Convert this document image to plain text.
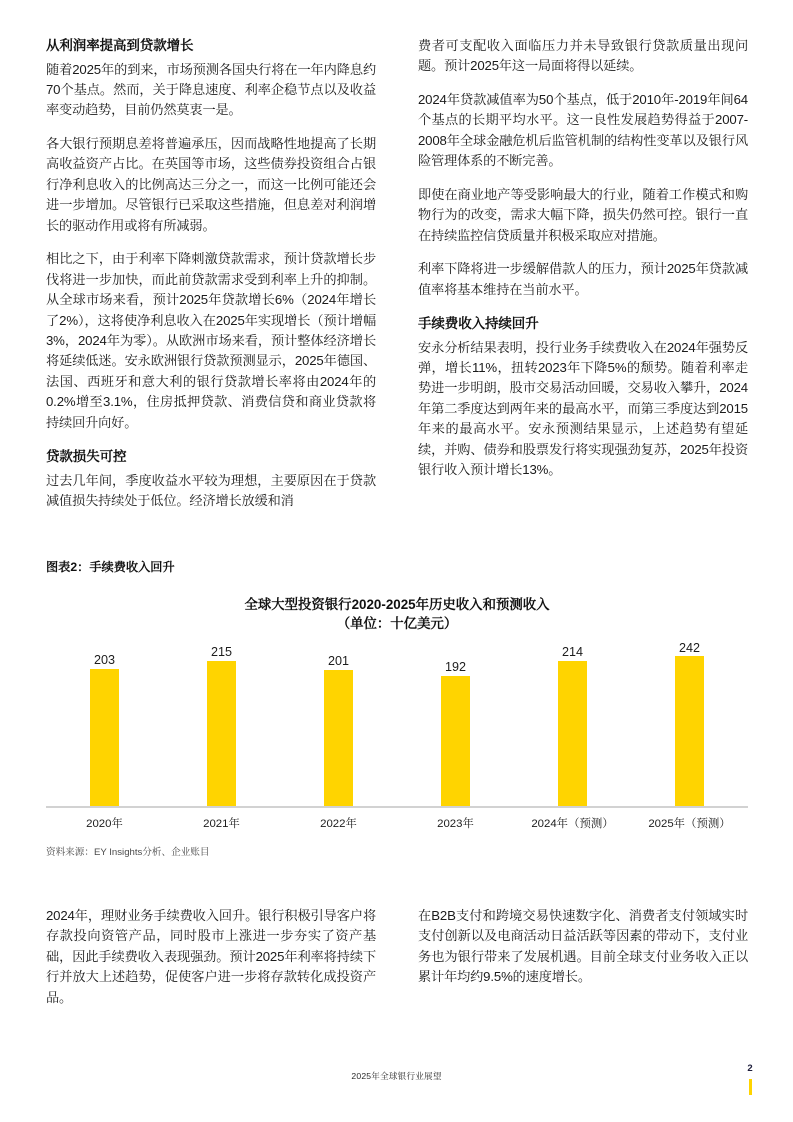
从利润率提高到贷款增长

随着2025年的到来，市场预测各国央行将在一年内降息约70个基点。然而，关于降息速度、利率企稳节点以及收益率变动趋势，目前仍然莫衷一是。

各大银行预期息差将普遍承压，因而战略性地提高了长期高收益资产占比。在英国等市场，这些债券投资组合占银行净利息收入的比例高达三分之一，而这一比例可能还会进一步增加。尽管银行已采取这些措施，但息差对利润增长的驱动作用或将有所减弱。

相比之下，由于利率下降刺激贷款需求，预计贷款增长步伐将进一步加快，而此前贷款需求受到利率上升的抑制。从全球市场来看，预计2025年贷款增长6%（2024年增长了2%），这将使净利息收入在2025年实现增长（预计增幅3%，2024年为零）。从欧洲市场来看，预计整体经济增长将延续低迷。安永欧洲银行贷款预测显示，2025年德国、法国、西班牙和意大利的银行贷款增长率将由2024年的0.2%增至3.1%，住房抵押贷款、消费信贷和商业贷款将持续回升向好。

贷款损失可控

过去几年间，季度收益水平较为理想，主要原因在于贷款减值损失持续处于低位。经济增长放缓和消

费者可支配收入面临压力并未导致银行贷款质量出现问题。预计2025年这一局面将得以延续。

2024年贷款减值率为50个基点，低于2010年-2019年间64个基点的长期平均水平。这一良性发展趋势得益于2007-2008年全球金融危机后监管机制的结构性变革以及银行风险管理体系的不断完善。

即使在商业地产等受影响最大的行业，随着工作模式和购物行为的改变，需求大幅下降，损失仍然可控。银行一直在持续监控信贷质量并积极采取应对措施。

利率下降将进一步缓解借款人的压力，预计2025年贷款减值率将基本维持在当前水平。

手续费收入持续回升

安永分析结果表明，投行业务手续费收入在2024年强势反弹，增长11%，扭转2023年下降5%的颓势。随着利率走势进一步明朗，股市交易活动回暖，交易收入攀升，2024年第二季度达到两年来的最高水平，而第三季度达到2015年来的最高水平。安永预测结果显示，上述趋势有望延续，并购、债券和股票发行将实现强劲复苏，2025年投资银行收入预计增长13%。

图表2：手续费收入回升
全球大型投资银行2020-2025年历史收入和预测收入
（单位：十亿美元）
203
215
201	192
214	242
2020年	2021年	2022年	2023年	2024年（预测）	2025年（预测）
资料来源：EY Insights分析、企业账目

2024年，理财业务手续费收入回升。银行积极引导客户将存款投向资管产品，同时股市上涨进一步夯实了资产基础，因此手续费收入表现强劲。预计2025年利率将持续下行并放大上述趋势，促使客户进一步将存款转化成投资产品。

在B2B支付和跨境交易快速数字化、消费者支付领域实时支付创新以及电商活动日益活跃等因素的带动下，支付业务也为银行带来了发展机遇。目前全球支付业务收入正以累计年均约9.5%的速度增长。

2025年全球银行业展望
2
